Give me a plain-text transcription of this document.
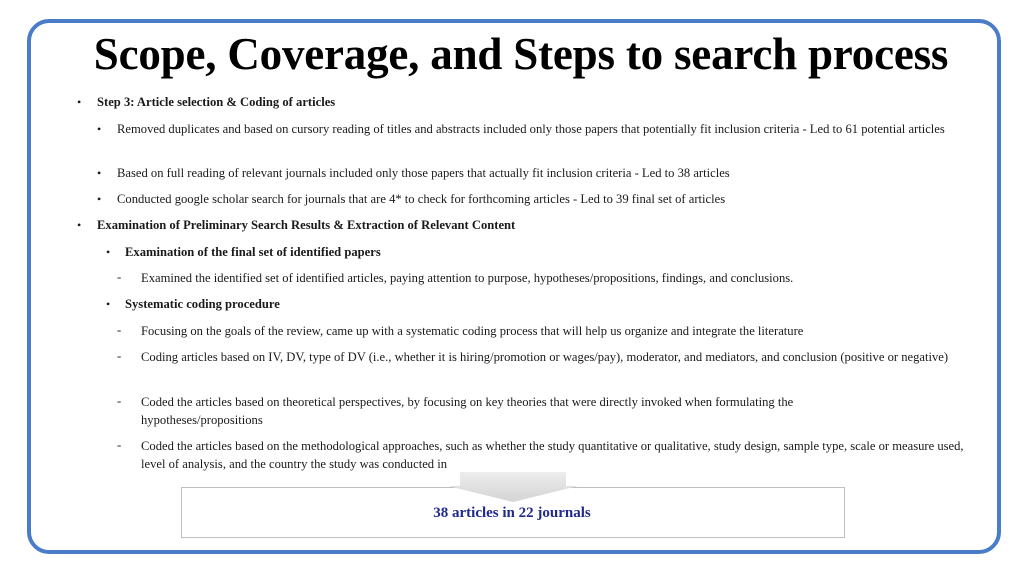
Scope, Coverage, and Steps to search process
• Step 3: Article selection & Coding of articles
• Removed duplicates and based on cursory reading of titles and abstracts included only those papers that potentially fit inclusion criteria - Led to 61 potential articles
• Based on full reading of relevant journals included only those papers that actually fit inclusion criteria - Led to 38 articles
• Conducted google scholar search for journals that are 4* to check for forthcoming articles - Led to 39 final set of articles
• Examination of Preliminary Search Results & Extraction of Relevant Content
• Examination of the final set of identified papers
- Examined the identified set of identified articles, paying attention to purpose, hypotheses/propositions, findings, and conclusions.
• Systematic coding procedure
- Focusing on the goals of the review, came up with a systematic coding process that will help us organize and integrate the literature
- Coding articles based on IV, DV, type of DV (i.e., whether it is hiring/promotion or wages/pay), moderator, and mediators, and conclusion (positive or negative)
- Coded the articles based on theoretical perspectives, by focusing on key theories that were directly invoked when formulating the hypotheses/propositions
- Coded the articles based on the methodological approaches, such as whether the study quantitative or qualitative, study design, sample type, scale or measure used, level of analysis, and the country the study was conducted in
38 articles in 22 journals
